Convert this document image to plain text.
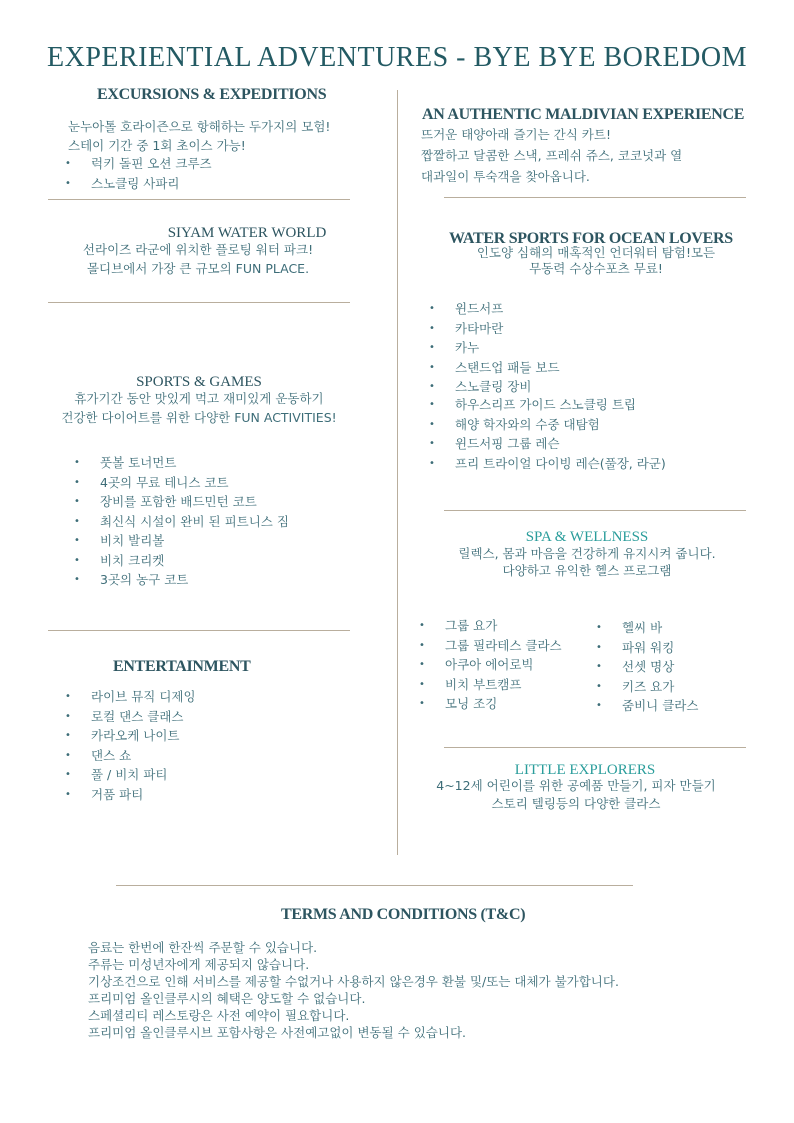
EXPERIENTIAL ADVENTURES - BYE BYE BOREDOM
EXCURSIONS & EXPEDITIONS
눈누아톨 호라이즌으로 항해하는 두가지의 모험!
스테이 기간 중 1회 초이스 가능!
• 럭키 돌핀 오션 크루즈
• 스노클링 사파리
SIYAM WATER WORLD
선라이즈 라군에 위치한 플로팅 워터 파크!
몰디브에서 가장 큰 규모의 FUN PLACE.
SPORTS & GAMES
휴가기간 동안 맛있게 먹고 재미있게 운동하기
건강한 다이어트를 위한 다양한 FUN ACTIVITIES!
• 풋볼 토너먼트
• 4곳의 무료 테니스 코트
• 장비를 포함한 배드민턴 코트
• 최신식 시설이 완비 된 피트니스 짐
• 비치 발리볼
• 비치 크리켓
• 3곳의 농구 코트
ENTERTAINMENT
• 라이브 뮤직 디제잉
• 로컬 댄스 클래스
• 카라오케 나이트
• 댄스 쇼
• 풀 / 비치 파티
• 거품 파티
AN AUTHENTIC MALDIVIAN EXPERIENCE
뜨거운 태양아래 즐기는 간식 카트!
짭짤하고 달콤한 스낵, 프레쉬 쥬스, 코코넛과 열
대과일이 투숙객을 찾아옵니다.
WATER SPORTS FOR OCEAN LOVERS
인도양 심해의 매혹적인 언더워터 탐험!모든
무동력 수상수포츠 무료!
• 윈드서프
• 카타마란
• 카누
• 스탠드업 패들 보드
• 스노클링 장비
• 하우스리프 가이드 스노클링 트립
• 해양 학자와의 수중 대탐험
• 윈드서핑 그룹 레슨
• 프리 트라이얼 다이빙 레슨(풀장, 라군)
SPA & WELLNESS
릴렉스, 몸과 마음을 건강하게 유지시켜 줍니다.
다양하고 유익한 헬스 프로그램
• 그룹 요가
• 그룹 필라테스 클라스
• 아쿠아 에어로빅
• 비치 부트캠프
• 모닝 조깅
• 헬씨 바
• 파워 워킹
• 선셋 명상
• 키즈 요가
• 줌비니 클라스
LITTLE EXPLORERS
4~12세 어린이를 위한 공예품 만들기, 피자 만들기
스토리 텔링등의 다양한 클라스
TERMS AND CONDITIONS (T&C)
음료는 한번에 한잔씩 주문할 수 있습니다.
주류는 미성년자에게 제공되지 않습니다.
기상조건으로 인해 서비스를 제공할 수없거나 사용하지 않은경우 환불 및/또는 대체가 불가합니다.
프리미엄 올인클루시의 혜택은 양도할 수 없습니다.
스페셜리티 레스토랑은 사전 예약이 필요합니다.
프리미엄 올인클루시브 포함사항은 사전예고없이 변동될 수 있습니다.
